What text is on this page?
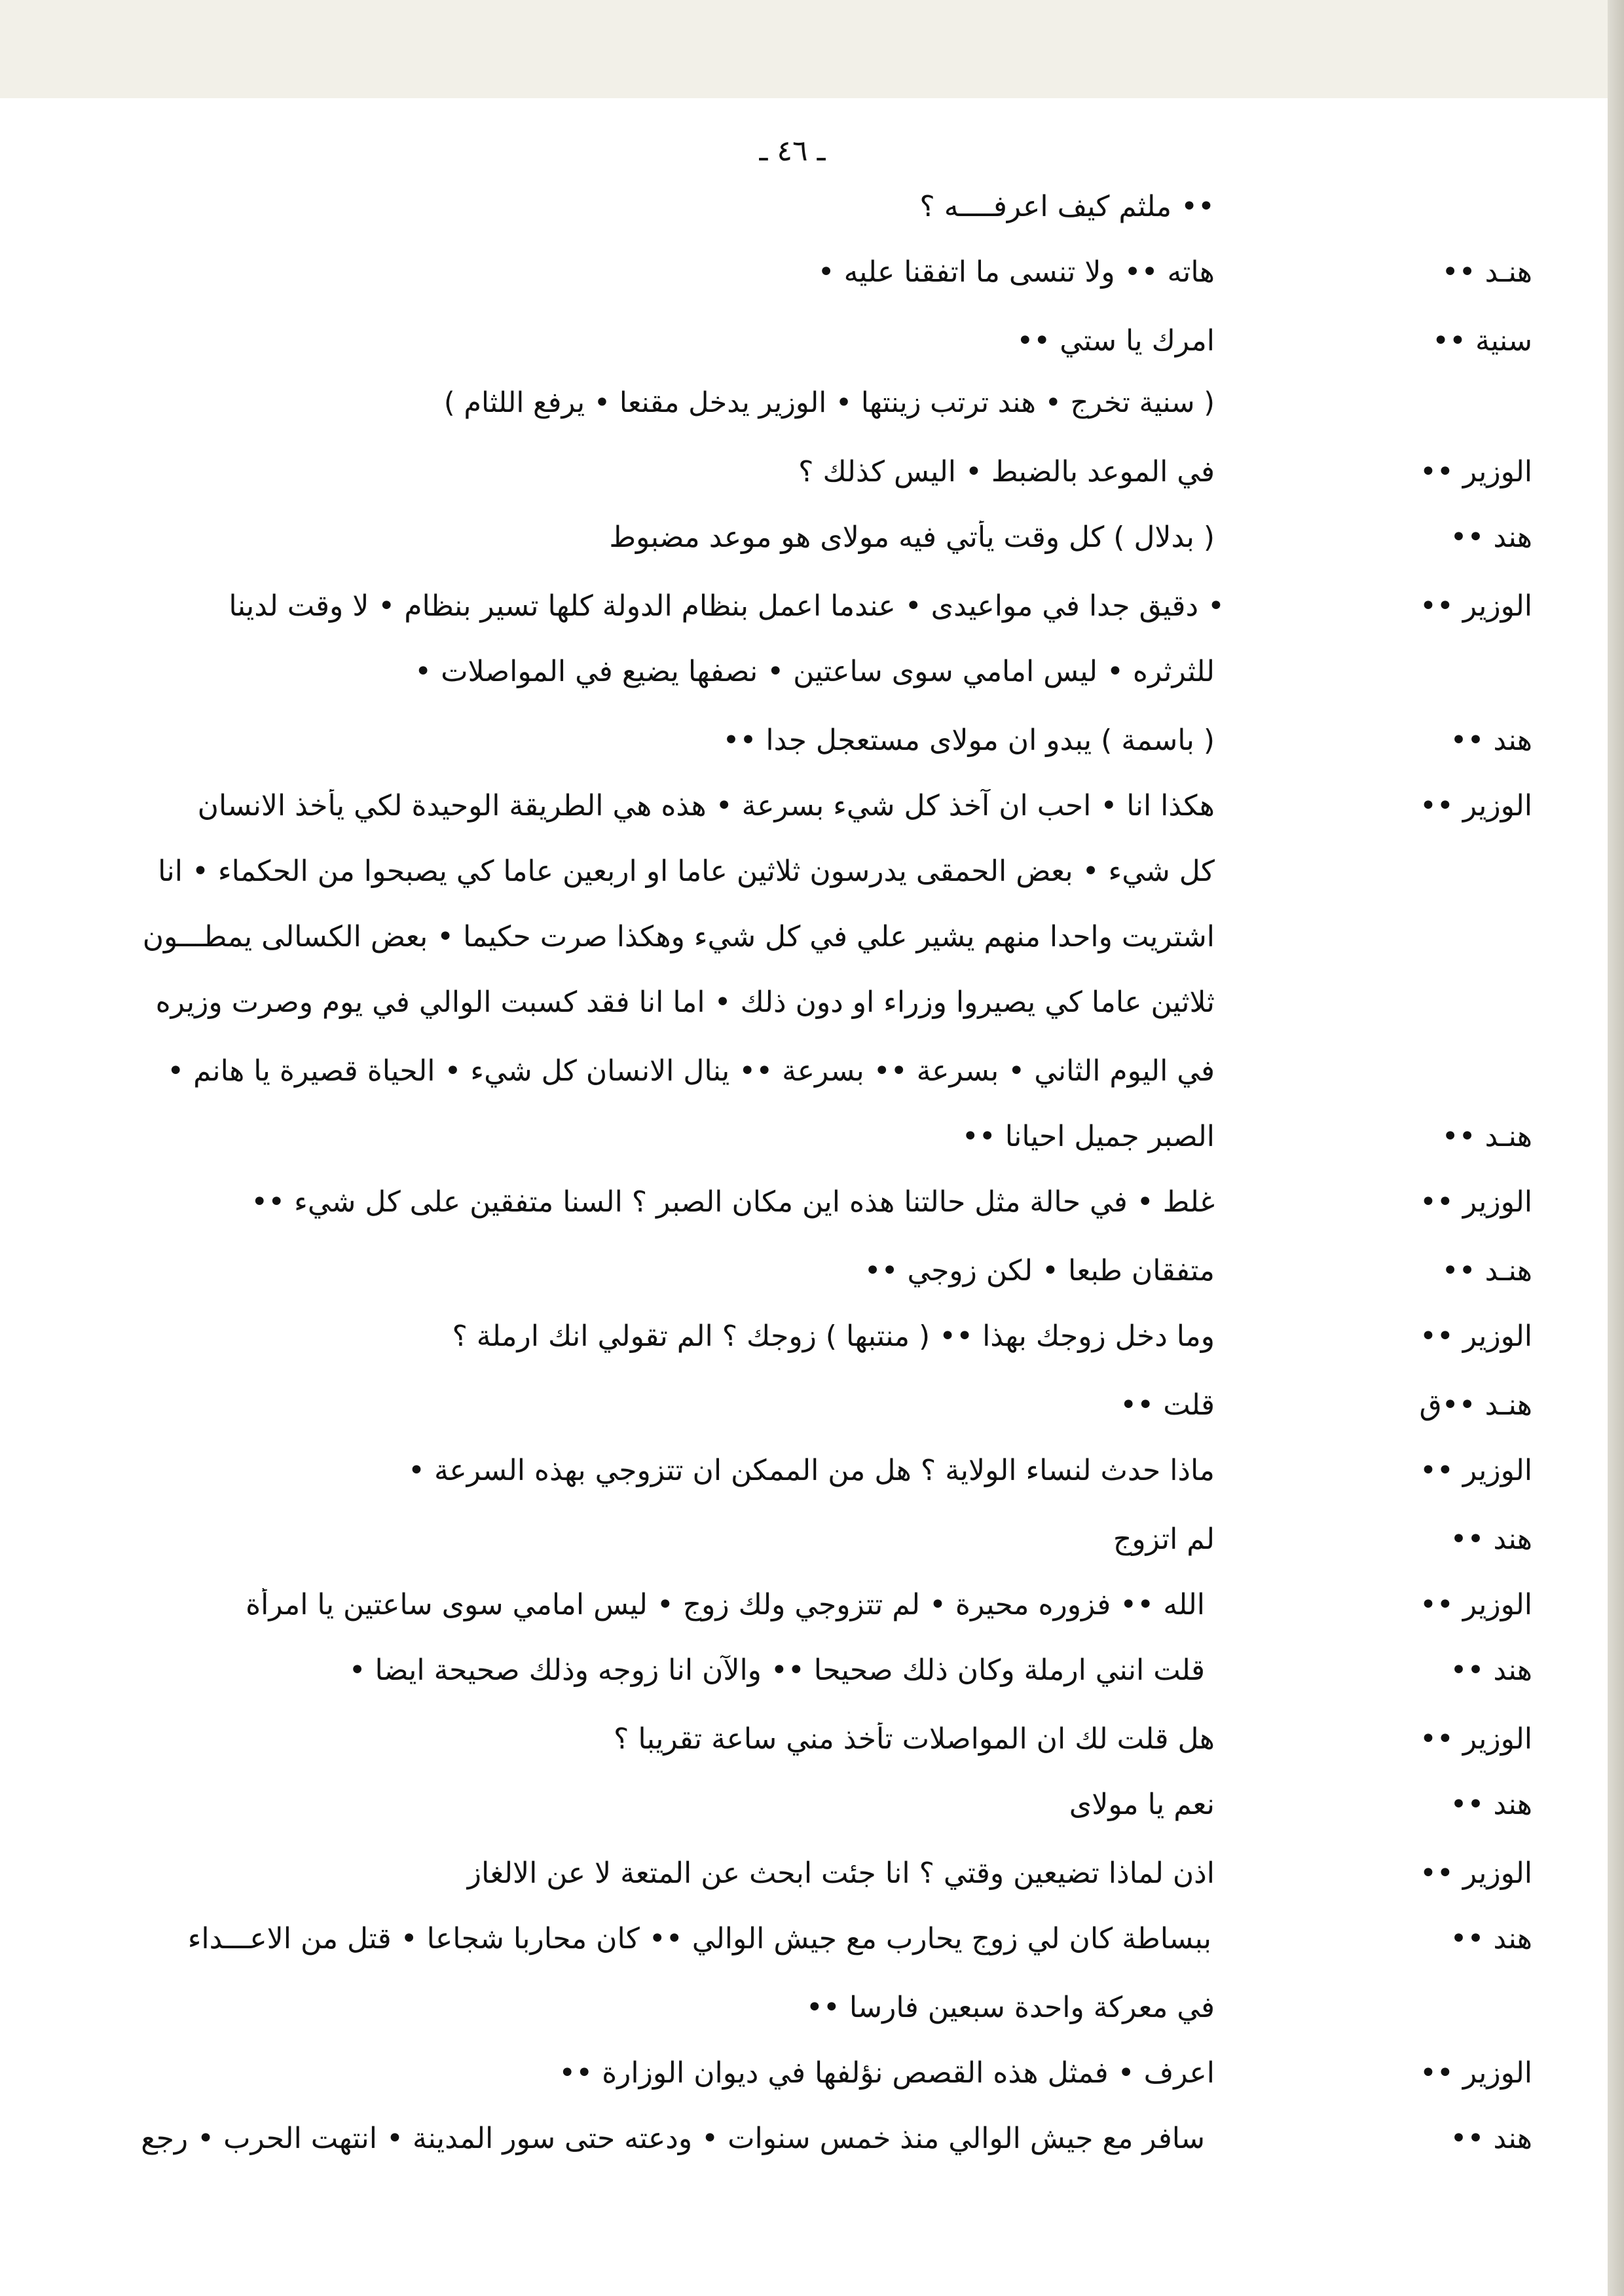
ـ ٤٦ ـ
•• ملثم كيف اعرفــــه ؟
هنـد ••
هاته •• ولا تنسى ما اتفقنا عليه •
سنية ••
امرك يا ستي ••
( سنية تخرج • هند ترتب زينتها • الوزير يدخل مقنعا • يرفع اللثام )
الوزير ••
في الموعد بالضبط • اليس كذلك ؟
هند ••
( بدلال ) كل وقت يأتي فيه مولاى هو موعد مضبوط
الوزير ••
• دقيق جدا في مواعيدى • عندما اعمل بنظام الدولة كلها تسير بنظام • لا وقت لدينا
للثرثره • ليس امامي سوى ساعتين • نصفها يضيع في المواصلات •
هند ••
( باسمة ) يبدو ان مولاى مستعجل جدا ••
الوزير ••
هكذا انا • احب ان آخذ كل شيء بسرعة • هذه هي الطريقة الوحيدة لكي يأخذ الانسان
كل شيء • بعض الحمقى يدرسون ثلاثين عاما او اربعين عاما كي يصبحوا من الحكماء • انا
اشتريت واحدا منهم يشير علي في كل شيء وهكذا صرت حكيما • بعض الكسالى يمطـــون
ثلاثين عاما كي يصيروا وزراء او دون ذلك • اما انا فقد كسبت الوالي في يوم وصرت وزيره
في اليوم الثاني • بسرعة •• بسرعة •• ينال الانسان كل شيء • الحياة قصيرة يا هانم •
هنـد ••
الصبر جميل احيانا ••
الوزير ••
غلط • في حالة مثل حالتنا هذه اين مكان الصبر ؟ السنا متفقين على كل شيء ••
هنـد ••
متفقان طبعا • لكن زوجي ••
الوزير ••
وما دخل زوجك بهذا •• ( منتبها ) زوجك ؟ الم تقولي انك ارملة ؟
هنـد ••ق
قلت ••
الوزير ••
ماذا حدث لنساء الولاية ؟ هل من الممكن ان تتزوجي بهذه السرعة •
هند ••
لم اتزوج
الوزير ••
الله •• فزوره محيرة • لم تتزوجي ولك زوج • ليس امامي سوى ساعتين يا امرأة
هند ••
قلت انني ارملة وكان ذلك صحيحا •• والآن انا زوجه وذلك صحيحة ايضا •
الوزير ••
هل قلت لك ان المواصلات تأخذ مني ساعة تقريبا ؟
هند ••
نعم يا مولاى
الوزير ••
اذن لماذا تضيعين وقتي ؟ انا جئت ابحث عن المتعة لا عن الالغاز
هند ••
ببساطة كان لي زوج يحارب مع جيش الوالي •• كان محاربا شجاعا • قتل من الاعـــداء
في معركة واحدة سبعين فارسا ••
الوزير ••
اعرف • فمثل هذه القصص نؤلفها في ديوان الوزارة ••
هند ••
سافر مع جيش الوالي منذ خمس سنوات • ودعته حتى سور المدينة • انتهت الحرب • رجع
